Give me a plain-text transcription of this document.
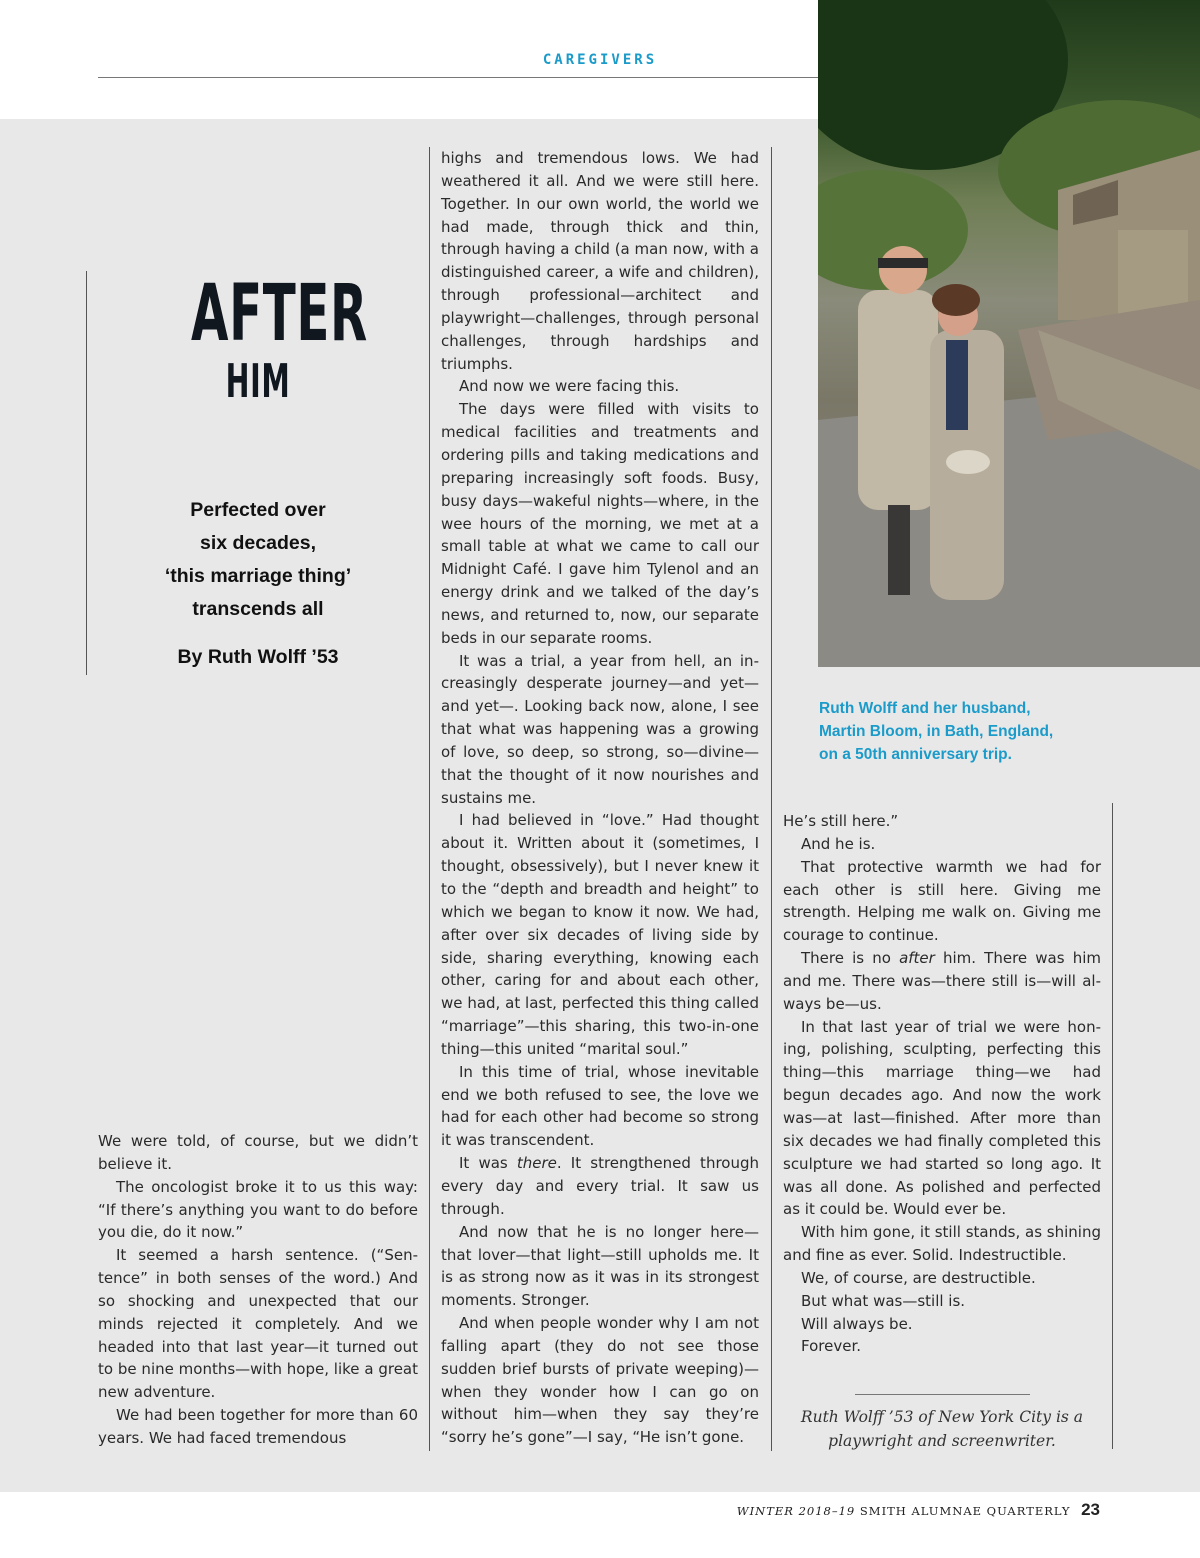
CAREGIVERS
Ruth Wolff and her husband,
Martin Bloom, in Bath, England,
on a 50th anniversary trip.
AFTER
HIM
Perfected over
six decades,
‘this marriage thing’
transcends all
By Ruth Wolff ’53

We were told, of course, but we didn’t believe it.

The oncologist broke it to us this way: “If there’s anything you want to do before you die, do it now.”

It seemed a harsh sentence. (“Sentence” in both senses of the word.) And so shocking and unexpected that our minds rejected it completely. And we headed into that last year—it turned out to be nine months—with hope, like a great new adventure.

We had been together for more than 60 years. We had faced tremendous

highs and tremendous lows. We had weathered it all. And we were still here. Together. In our own world, the world we had made, through thick and thin, through having a child (a man now, with a distinguished career, a wife and children), through professional—architect and playwright—challenges, through personal challenges, through hardships and triumphs.

And now we were facing this.

The days were filled with visits to medical facilities and treatments and ordering pills and taking medications and preparing increasingly soft foods. Busy, busy days—wakeful nights—where, in the wee hours of the morning, we met at a small table at what we came to call our Midnight Café. I gave him Tylenol and an energy drink and we talked of the day’s news, and returned to, now, our separate beds in our separate rooms.

It was a trial, a year from hell, an increasingly desperate journey—and yet—and yet—. Looking back now, alone, I see that what was happening was a growing of love, so deep, so strong, so—divine—that the thought of it now nourishes and sustains me.

I had believed in “love.” Had thought about it. Written about it (sometimes, I thought, obsessively), but I never knew it to the “depth and breadth and height” to which we began to know it now. We had, after over six decades of living side by side, sharing everything, knowing each other, caring for and about each other, we had, at last, perfected this thing called “marriage”—this sharing, this two-in-one thing—this united “marital soul.”

In this time of trial, whose inevitable end we both refused to see, the love we had for each other had become so strong it was transcendent.

It was there. It strengthened through every day and every trial. It saw us through.

And now that he is no longer here—that lover—that light—still upholds me. It is as strong now as it was in its strongest moments. Stronger.

And when people wonder why I am not falling apart (they do not see those sudden brief bursts of private weeping)—when they wonder how I can go on without him—when they say they’re “sorry he’s gone”—I say, “He isn’t gone.

He’s still here.”

And he is.

That protective warmth we had for each other is still here. Giving me strength. Helping me walk on. Giving me courage to continue.

There is no after him. There was him and me. There was—there still is—will always be—us.

In that last year of trial we were honing, polishing, sculpting, perfecting this thing—this marriage thing—we had begun decades ago. And now the work was—at last—finished. After more than six decades we had finally completed this sculpture we had started so long ago. It was all done. As polished and perfected as it could be. Would ever be.

With him gone, it still stands, as shining and fine as ever. Solid. Indestructible.

We, of course, are destructible.

But what was—still is.

Will always be.

Forever.

Ruth Wolff ’53 of New York City is a
playwright and screenwriter.
WINTER 2018–19 SMITH ALUMNAE QUARTERLY 23
